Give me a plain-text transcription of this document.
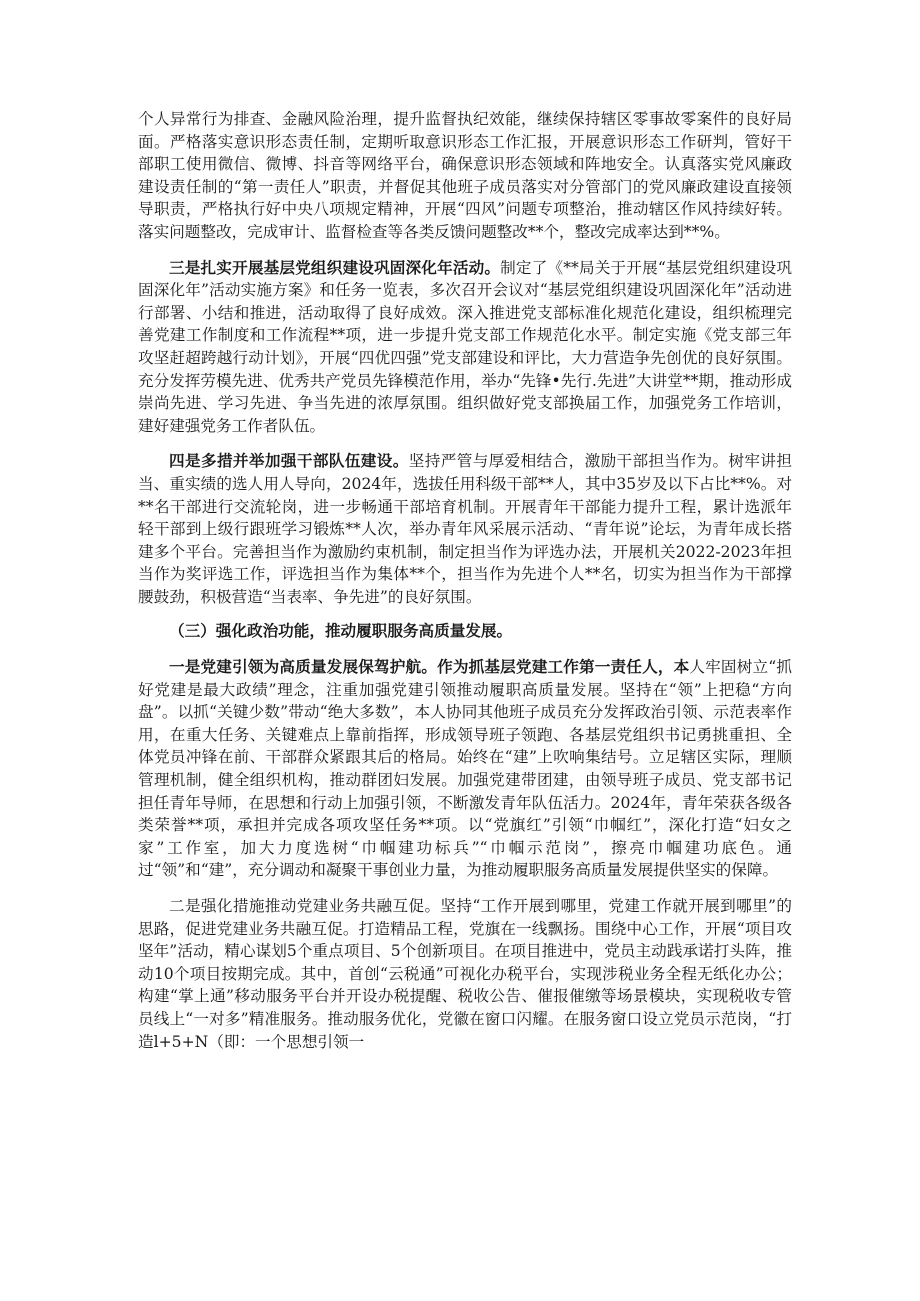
个人异常行为排查、金融风险治理，提升监督执纪效能，继续保持辖区零事故零案件的良好局面。严格落实意识形态责任制，定期听取意识形态工作汇报，开展意识形态工作研判，管好干部职工使用微信、微博、抖音等网络平台，确保意识形态领域和阵地安全。认真落实党风廉政建设责任制的“第一责任人”职责，并督促其他班子成员落实对分管部门的党风廉政建设直接领导职责，严格执行好中央八项规定精神，开展“四风”问题专项整治，推动辖区作风持续好转。落实问题整改，完成审计、监督检查等各类反馈问题整改**个，整改完成率达到**%。

三是扎实开展基层党组织建设巩固深化年活动。制定了《**局关于开展“基层党组织建设巩固深化年”活动实施方案》和任务一览表，多次召开会议对“基层党组织建设巩固深化年”活动进行部署、小结和推进，活动取得了良好成效。深入推进党支部标准化规范化建设，组织梳理完善党建工作制度和工作流程**项，进一步提升党支部工作规范化水平。制定实施《党支部三年攻坚赶超跨越行动计划》，开展“四优四强”党支部建设和评比，大力营造争先创优的良好氛围。充分发挥劳模先进、优秀共产党员先锋模范作用，举办“先锋•先行.先进”大讲堂**期，推动形成崇尚先进、学习先进、争当先进的浓厚氛围。组织做好党支部换届工作，加强党务工作培训，建好建强党务工作者队伍。

四是多措并举加强干部队伍建设。坚持严管与厚爱相结合，激励干部担当作为。树牢讲担当、重实绩的选人用人导向，2024年，选拔任用科级干部**人，其中35岁及以下占比**%。对**名干部进行交流轮岗，进一步畅通干部培育机制。开展青年干部能力提升工程，累计选派年轻干部到上级行跟班学习锻炼**人次，举办青年风采展示活动、“青年说”论坛，为青年成长搭建多个平台。完善担当作为激励约束机制，制定担当作为评选办法，开展机关2022-2023年担当作为奖评选工作，评选担当作为集体**个，担当作为先进个人**名，切实为担当作为干部撑腰鼓劲，积极营造“当表率、争先进”的良好氛围。

（三）强化政治功能，推动履职服务高质量发展。

一是党建引领为高质量发展保驾护航。作为抓基层党建工作第一责任人，本人牢固树立“抓好党建是最大政绩”理念，注重加强党建引领推动履职高质量发展。坚持在“领”上把稳“方向盘”。以抓“关键少数”带动“绝大多数”，本人协同其他班子成员充分发挥政治引领、示范表率作用，在重大任务、关键难点上靠前指挥，形成领导班子领跑、各基层党组织书记勇挑重担、全体党员冲锋在前、干部群众紧跟其后的格局。始终在“建”上吹响集结号。立足辖区实际，理顺管理机制，健全组织机构，推动群团妇发展。加强党建带团建，由领导班子成员、党支部书记担任青年导师，在思想和行动上加强引领，不断激发青年队伍活力。2024年，青年荣获各级各类荣誉**项，承担并完成各项攻坚任务**项。以“党旗红”引领“巾帼红”，深化打造“妇女之家”工作室，加大力度选树“巾帼建功标兵”“巾帼示范岗”，擦亮巾帼建功底色。通过“领”和“建”，充分调动和凝聚干事创业力量，为推动履职服务高质量发展提供坚实的保障。

二是强化措施推动党建业务共融互促。坚持“工作开展到哪里，党建工作就开展到哪里”的思路，促进党建业务共融互促。打造精品工程，党旗在一线飘扬。围绕中心工作，开展“项目攻坚年”活动，精心谋划5个重点项目、5个创新项目。在项目推进中，党员主动践承诺打头阵，推动10个项目按期完成。其中，首创“云税通”可视化办税平台，实现涉税业务全程无纸化办公；构建“掌上通”移动服务平台并开设办税提醒、税收公告、催报催缴等场景模块，实现税收专管员线上“一对多”精准服务。推动服务优化，党徽在窗口闪耀。在服务窗口设立党员示范岗，“打造l+5+N（即：一个思想引领一
